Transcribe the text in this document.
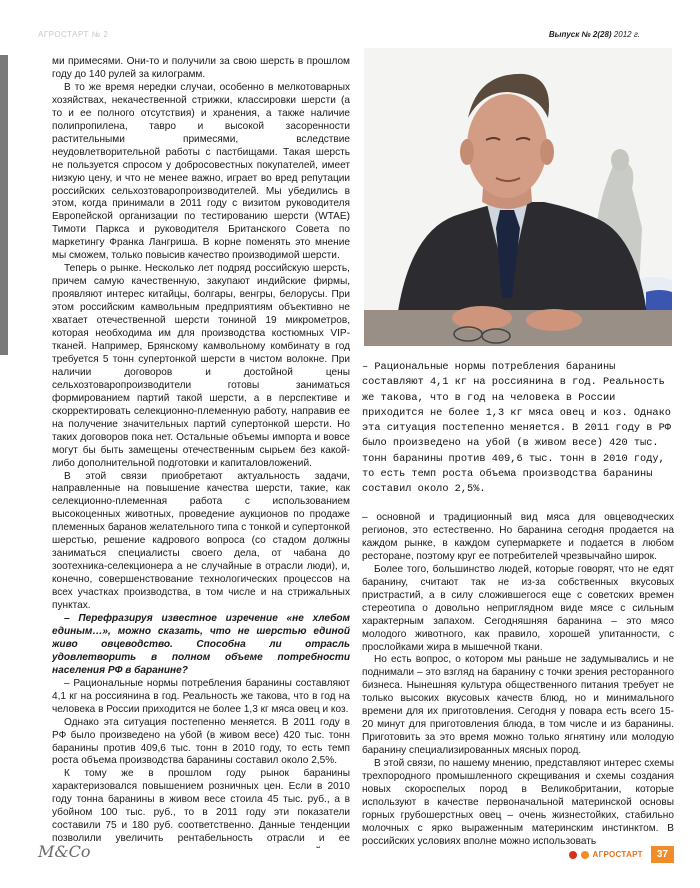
АГРОСТАРТ № 2	Выпуск № 2(28) 2012 г.

ми примесями. Они-то и получили за свою шерсть в прошлом году до 140 рулей за килограмм.

В то же время нередки случаи, особенно в мелкотоварных хозяйствах, некачественной стрижки, классировки шерсти (а то и ее полного отсутствия) и хранения, а также наличие полипропилена, тавро и высокой засоренности растительными примесями, вследствие неудовлетворительной работы с пастбищами. Такая шерсть не пользуется спросом у добросовестных покупателей, имеет низкую цену, и что не менее важно, играет во вред репутации российских сельхозтоваропроизводителей. Мы убедились в этом, когда принимали в 2011 году с визитом руководителя Европейской организации по тестированию шерсти (WTAE) Тимоти Паркса и руководителя Британского Совета по маркетингу Франка Лангриша. В корне поменять это мнение мы сможем, только повысив качество производимой шерсти.

Теперь о рынке. Несколько лет подряд российскую шерсть, причем самую качественную, закупают индийские фирмы, проявляют интерес китайцы, болгары, венгры, белорусы. При этом российским камвольным предприятиям объективно не хватает отечественной шерсти тониной 19 микрометров, которая необходима им для производства костюмных VIP-тканей. Например, Брянскому камвольному комбинату в год требуется 5 тонн супертонкой шерсти в чистом волокне. При наличии договоров и достойной цены сельхозтоваропроизводители готовы заниматься формированием партий такой шерсти, а в перспективе и скорректировать селекционно-племенную работу, направив ее на получение значительных партий супертонкой шерсти. Но таких договоров пока нет. Остальные объемы импорта и вовсе могут бы быть замещены отечественным сырьем без какой-либо дополнительной подготовки и капиталовложений.

В этой связи приобретают актуальность задачи, направленные на повышение качества шерсти, такие, как селекционно-племенная работа с использованием высокоценных животных, проведение аукционов по продаже племенных баранов желательного типа с тонкой и супертонкой шерстью, решение кадрового вопроса (со стадом должны заниматься специалисты своего дела, от чабана до зоотехника-селекционера а не случайные в отрасли люди), и, конечно, совершенствование технологических процессов на всех участках производства, в том числе и на стрижальных пунктах.

– Перефразируя известное изречение «не хлебом единым…», можно сказать, что не шерстью единой живо овцеводство. Способна ли отрасль удовлетворить в полном объеме потребности населения РФ в баранине?

– Рациональные нормы потребления баранины составляют 4,1 кг на россиянина в год. Реальность же такова, что в год на человека в России приходится не более 1,3 кг мяса овец и коз.

Однако эта ситуация постепенно меняется. В 2011 году в РФ было произведено на убой (в живом весе) 420 тыс. тонн баранины против 409,6 тыс. тонн в 2010 году, то есть темп роста объема производства баранины составил около 2,5%.

К тому же в прошлом году рынок баранины характеризовался повышением розничных цен. Если в 2010 году тонна баранины в живом весе стоила 45 тыс. руб., а в убойном 100 тыс. руб., то в 2011 году эти показатели составили 75 и 180 руб. соответственно. Данные тенденции позволили увеличить рентабельность отрасли и ее

– Рациональные нормы потребления баранины составляют 4,1 кг на россиянина в год. Реальность же такова, что в год на человека в России приходится не более 1,3 кг мяса овец и коз. Однако эта ситуация постепенно меняется. В 2011 году в РФ было произведено на убой (в живом весе) 420 тыс. тонн баранины против 409,6 тыс. тонн в 2010 году, то есть темп роста объема производства баранины составил около 2,5%.

– основной и традиционный вид мяса для овцеводческих регионов, это естественно. Но баранина сегодня продается на каждом рынке, в каждом супермаркете и подается в любом ресторане, поэтому круг ее потребителей чрезвычайно широк.

Более того, большинство людей, которые говорят, что не едят баранину, считают так не из-за собственных вкусовых пристрастий, а в силу сложившегося еще с советских времен стереотипа о довольно неприглядном виде мясе с сильным характерным запахом. Сегодняшняя баранина – это мясо молодого животного, как правило, хорошей упитанности, с прослойками жира в мышечной ткани.

Но есть вопрос, о котором мы раньше не задумывались и не поднимали – это взгляд на баранину с точки зрения ресторанного бизнеса. Нынешняя культура общественного питания требует не только высоких вкусовых качеств блюд, но и минимального времени для их приготовления. Сегодня у повара есть всего 15-20 минут для приготовления блюда, в том числе и из баранины. Приготовить за это время можно только ягнятину или молодую баранину специализированных мясных пород.

В этой связи, по нашему мнению, представляют интерес схемы трехпородного промышленного скрещивания и схемы создания новых скороспелых пород в Великобритании, которые используют в качестве первоначальной материнской основы горных грубошерстных овец – очень жизнестойких, стабильно молочных с ярко выраженным материнским инстинктом. В российских условиях вполне можно использовать

M&Co	АГРОСТАРТ	37
